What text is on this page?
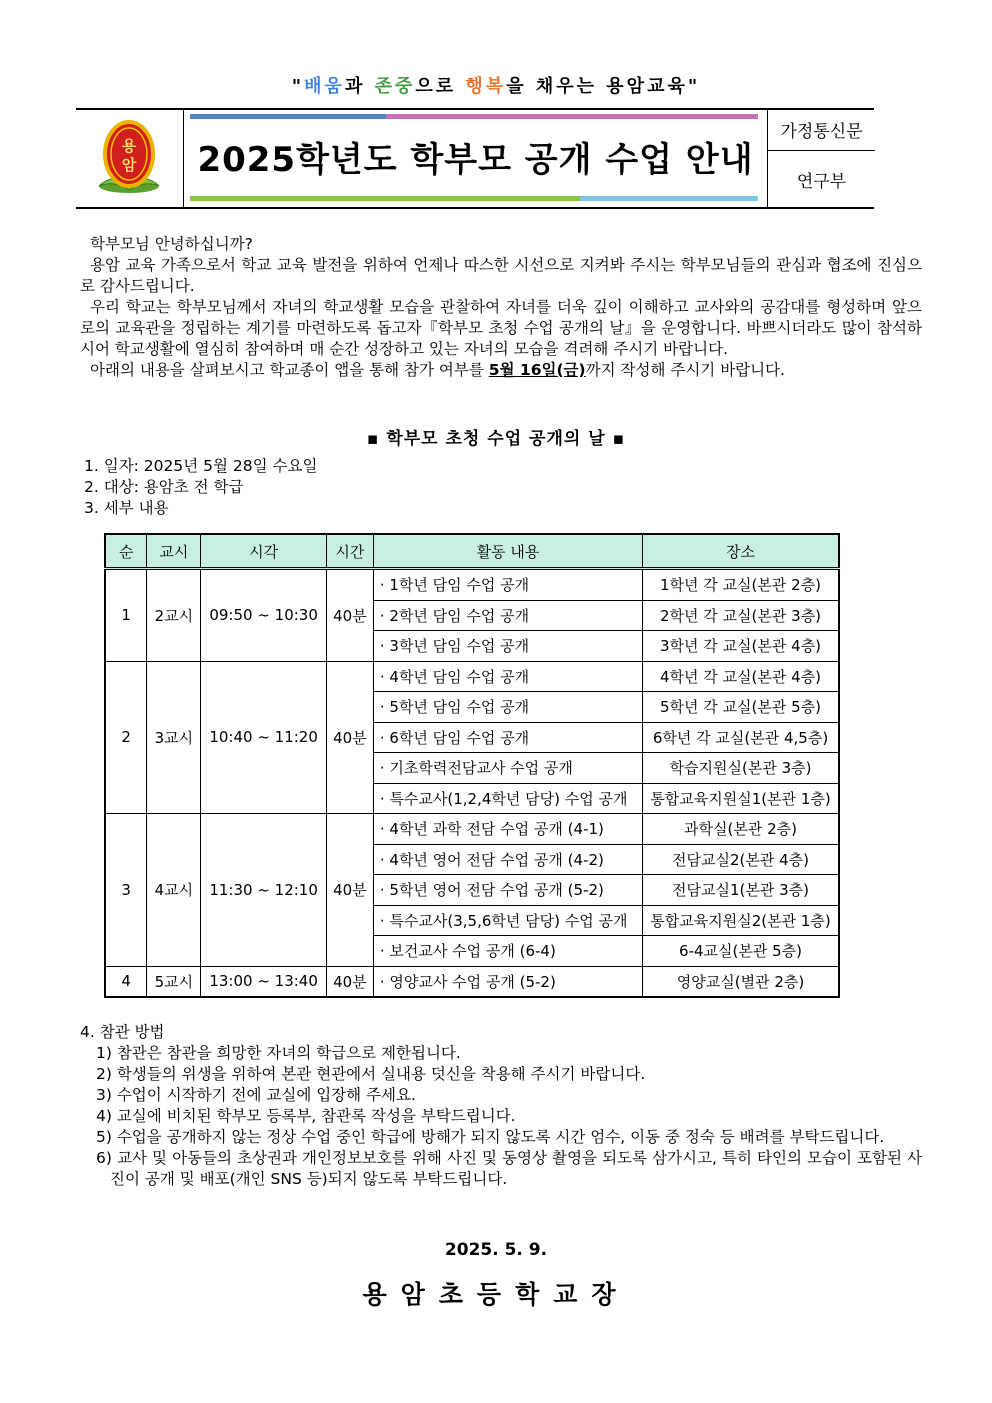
"배움과 존중으로 행복을 채우는 용암교육"
용
암	2025학년도 학부모 공개 수업 안내
가정통신문
연구부

학부모님 안녕하십니까?

용암 교육 가족으로서 학교 교육 발전을 위하여 언제나 따스한 시선으로 지켜봐 주시는 학부모님들의 관심과 협조에 진심으로 감사드립니다.

우리 학교는 학부모님께서 자녀의 학교생활 모습을 관찰하여 자녀를 더욱 깊이 이해하고 교사와의 공감대를 형성하며 앞으로의 교육관을 정립하는 계기를 마련하도록 돕고자『학부모 초청 수업 공개의 날』을 운영합니다. 바쁘시더라도 많이 참석하시어 학교생활에 열심히 참여하며 매 순간 성장하고 있는 자녀의 모습을 격려해 주시기 바랍니다.

아래의 내용을 살펴보시고 학교종이 앱을 통해 참가 여부를 5월 16일(금)까지 작성해 주시기 바랍니다.

▪ 학부모 초청 수업 공개의 날 ▪
1. 일자: 2025년 5월 28일 수요일
2. 대상: 용암초 전 학급
3. 세부 내용
순	교시	시각	시간	활동 내용	장소
1	2교시	09:50 ~ 10:30	40분	· 1학년 담임 수업 공개	1학년 각 교실(본관 2층)
				· 2학년 담임 수업 공개	2학년 각 교실(본관 3층)
				· 3학년 담임 수업 공개	3학년 각 교실(본관 4층)
2	3교시	10:40 ~ 11:20	40분	· 4학년 담임 수업 공개	4학년 각 교실(본관 4층)
				· 5학년 담임 수업 공개	5학년 각 교실(본관 5층)
				· 6학년 담임 수업 공개	6학년 각 교실(본관 4,5층)
				· 기초학력전담교사 수업 공개	학습지원실(본관 3층)
				· 특수교사(1,2,4학년 담당) 수업 공개	통합교육지원실1(본관 1층)
3	4교시	11:30 ~ 12:10	40분	· 4학년 과학 전담 수업 공개 (4-1)	과학실(본관 2층)
				· 4학년 영어 전담 수업 공개 (4-2)	전담교실2(본관 4층)
				· 5학년 영어 전담 수업 공개 (5-2)	전담교실1(본관 3층)
				· 특수교사(3,5,6학년 담당) 수업 공개	통합교육지원실2(본관 1층)
				· 보건교사 수업 공개 (6-4)	6-4교실(본관 5층)
4	5교시	13:00 ~ 13:40	40분	· 영양교사 수업 공개 (5-2)	영양교실(별관 2층)

4. 참관 방법

1) 참관은 참관을 희망한 자녀의 학급으로 제한됩니다.

2) 학생들의 위생을 위하여 본관 현관에서 실내용 덧신을 착용해 주시기 바랍니다.

3) 수업이 시작하기 전에 교실에 입장해 주세요.

4) 교실에 비치된 학부모 등록부, 참관록 작성을 부탁드립니다.

5) 수업을 공개하지 않는 정상 수업 중인 학급에 방해가 되지 않도록 시간 엄수, 이동 중 정숙 등 배려를 부탁드립니다.

6) 교사 및 아동들의 초상권과 개인정보보호를 위해 사진 및 동영상 촬영을 되도록 삼가시고, 특히 타인의 모습이 포함된 사진이 공개 및 배포(개인 SNS 등)되지 않도록 부탁드립니다.

2025. 5. 9.
용암초등학교장
